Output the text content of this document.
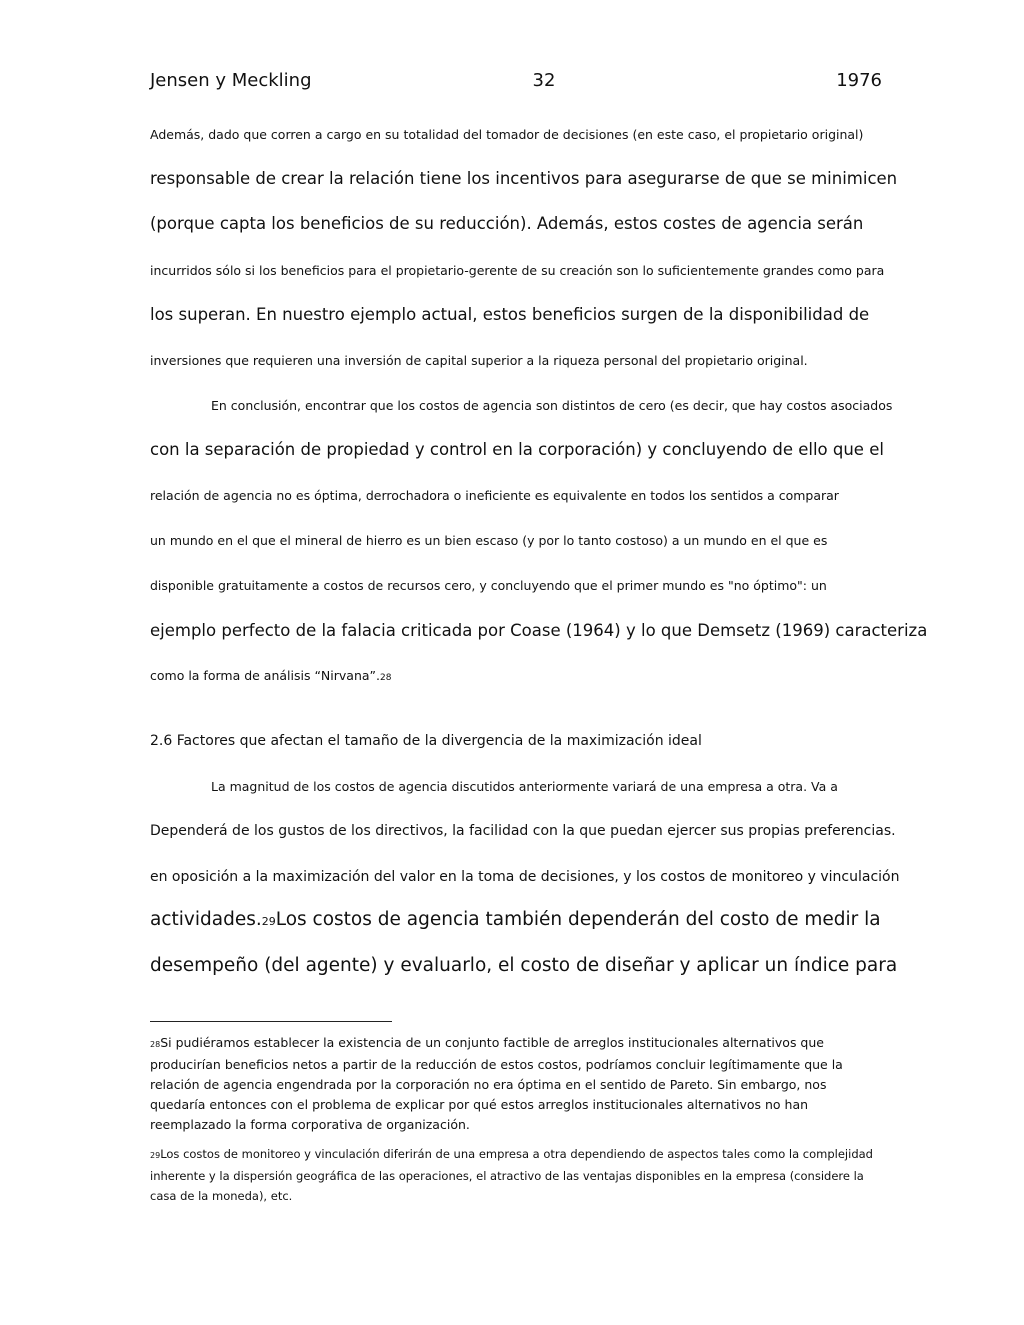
Jensen y Meckling	32	1976
Además, dado que corren a cargo en su totalidad del tomador de decisiones (en este caso, el propietario original)
responsable de crear la relación tiene los incentivos para asegurarse de que se minimicen
(porque capta los beneficios de su reducción). Además, estos costes de agencia serán
incurridos sólo si los beneficios para el propietario-gerente de su creación son lo suficientemente grandes como para
los superan. En nuestro ejemplo actual, estos beneficios surgen de la disponibilidad de
inversiones que requieren una inversión de capital superior a la riqueza personal del propietario original.
En conclusión, encontrar que los costos de agencia son distintos de cero (es decir, que hay costos asociados
con la separación de propiedad y control en la corporación) y concluyendo de ello que el
relación de agencia no es óptima, derrochadora o ineficiente es equivalente en todos los sentidos a comparar
un mundo en el que el mineral de hierro es un bien escaso (y por lo tanto costoso) a un mundo en el que es
disponible gratuitamente a costos de recursos cero, y concluyendo que el primer mundo es "no óptimo": un
ejemplo perfecto de la falacia criticada por Coase (1964) y lo que Demsetz (1969) caracteriza
como la forma de análisis “Nirvana”.28
2.6 Factores que afectan el tamaño de la divergencia de la maximización ideal
La magnitud de los costos de agencia discutidos anteriormente variará de una empresa a otra. Va a
Dependerá de los gustos de los directivos, la facilidad con la que puedan ejercer sus propias preferencias.
en oposición a la maximización del valor en la toma de decisiones, y los costos de monitoreo y vinculación
actividades.29Los costos de agencia también dependerán del costo de medir la
desempeño (del agente) y evaluarlo, el costo de diseñar y aplicar un índice para
28Si pudiéramos establecer la existencia de un conjunto factible de arreglos institucionales alternativos que producirían beneficios netos a partir de la reducción de estos costos, podríamos concluir legítimamente que la relación de agencia engendrada por la corporación no era óptima en el sentido de Pareto. Sin embargo, nos quedaría entonces con el problema de explicar por qué estos arreglos institucionales alternativos no han reemplazado la forma corporativa de organización.
29Los costos de monitoreo y vinculación diferirán de una empresa a otra dependiendo de aspectos tales como la complejidad inherente y la dispersión geográfica de las operaciones, el atractivo de las ventajas disponibles en la empresa (considere la casa de la moneda), etc.
